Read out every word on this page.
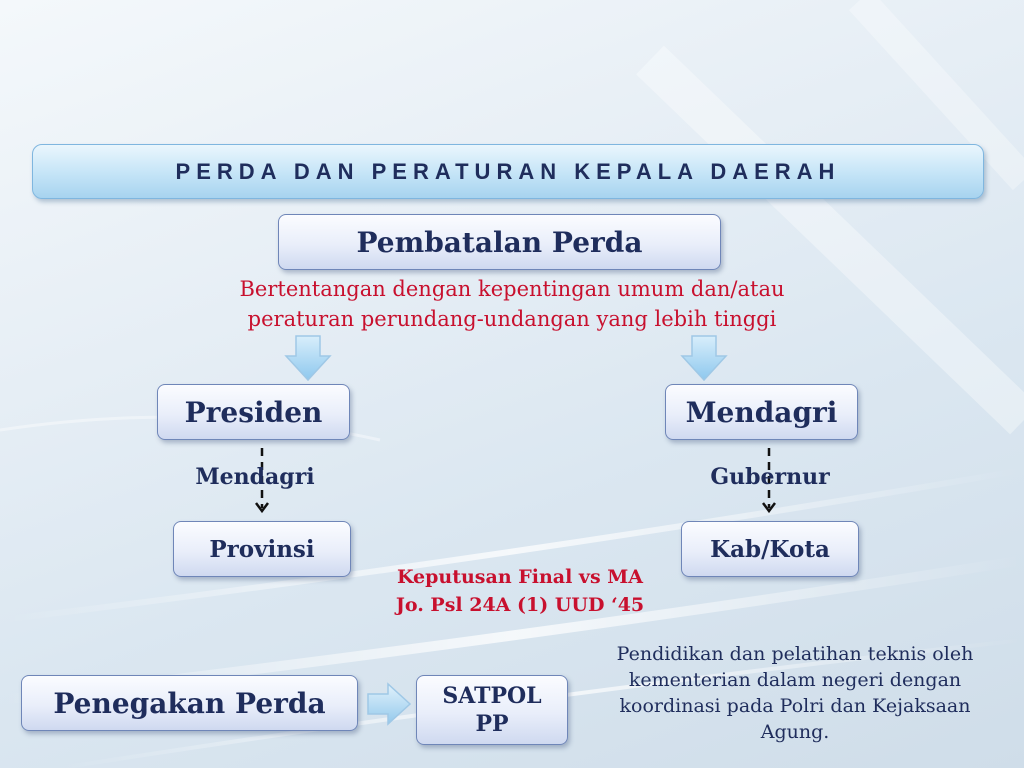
PERDA DAN PERATURAN KEPALA DAERAH
Pembatalan Perda
Bertentangan dengan kepentingan umum dan/atau
peraturan perundang-undangan yang lebih tinggi
Presiden	Mendagri
Mendagri	Gubernur
Provinsi	Kab/Kota
Keputusan Final vs MA
Jo. Psl 24A (1) UUD ‘45
Penegakan Perda	SATPOL
PP
Pendidikan dan pelatihan teknis oleh
kementerian dalam negeri dengan
koordinasi pada Polri dan Kejaksaan
Agung.
